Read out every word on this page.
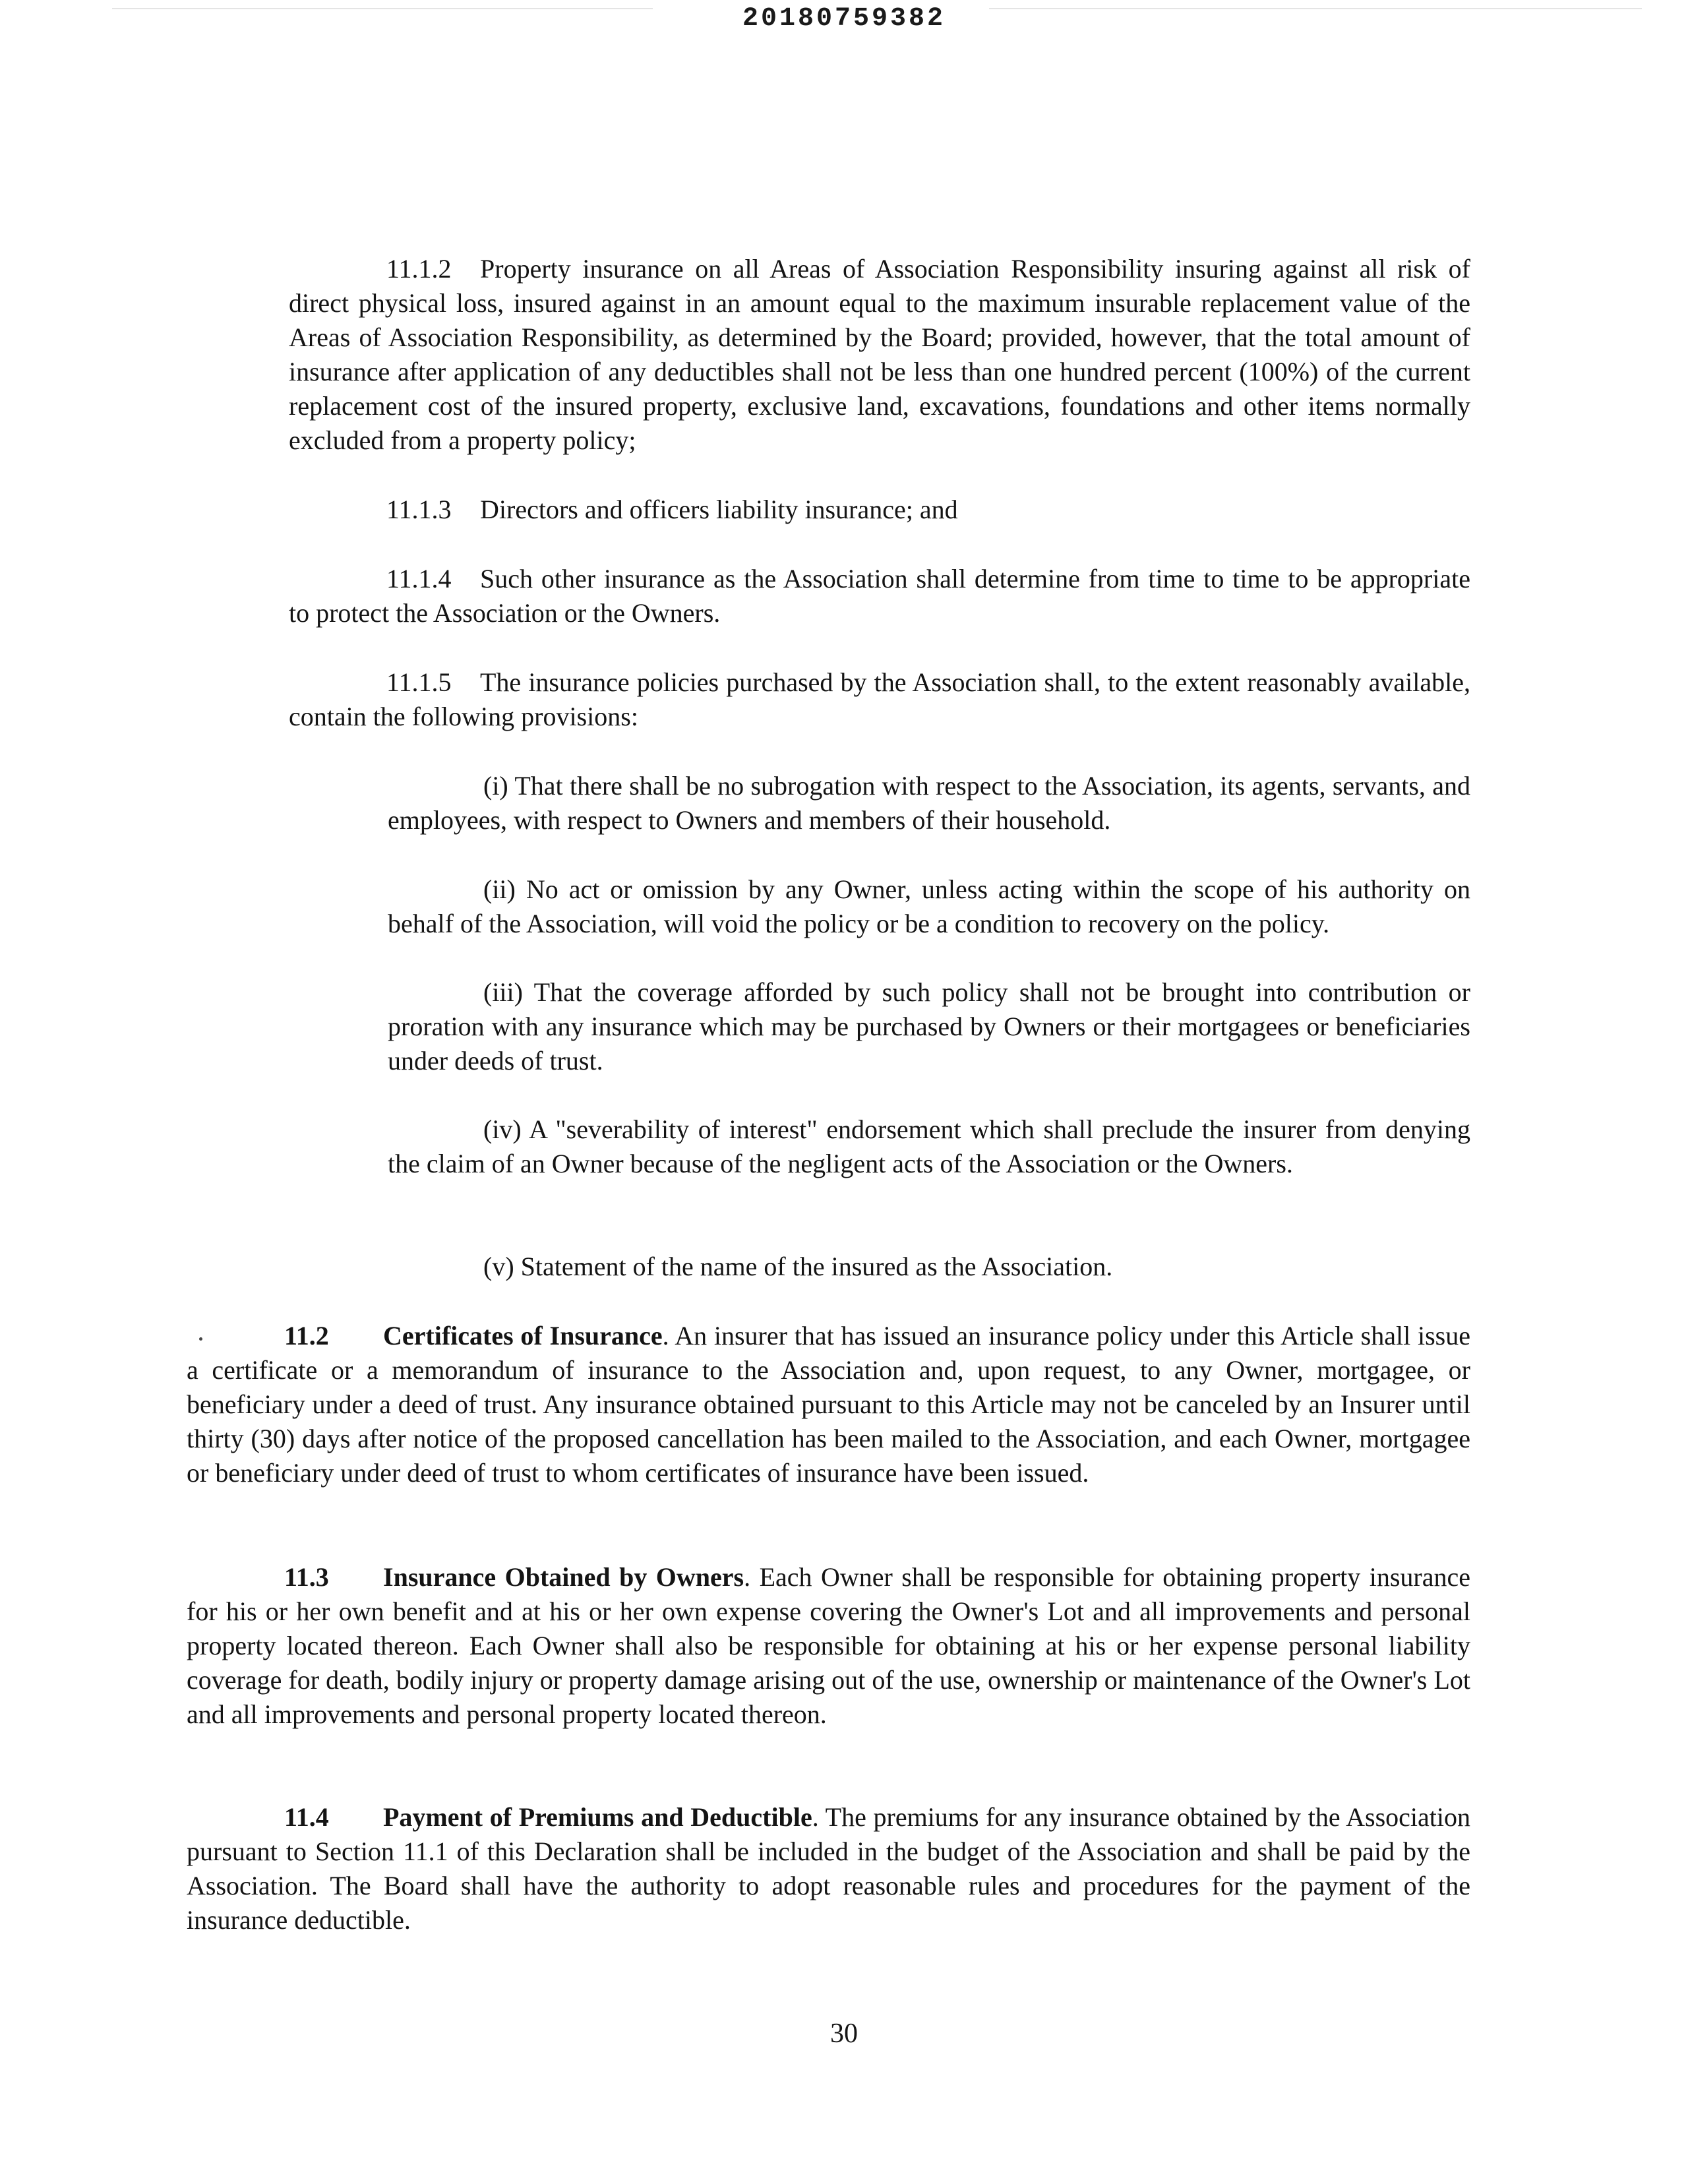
20180759382

11.1.2 Property insurance on all Areas of Association Responsibility insuring against all risk of direct physical loss, insured against in an amount equal to the maximum insurable replacement value of the Areas of Association Responsibility, as determined by the Board; provided, however, that the total amount of insurance after application of any deductibles shall not be less than one hundred percent (100%) of the current replacement cost of the insured property, exclusive land, excavations, foundations and other items normally excluded from a property policy;

11.1.3 Directors and officers liability insurance; and

11.1.4 Such other insurance as the Association shall determine from time to time to be appropriate to protect the Association or the Owners.

11.1.5 The insurance policies purchased by the Association shall, to the extent reasonably available, contain the following provisions:

(i) That there shall be no subrogation with respect to the Association, its agents, servants, and employees, with respect to Owners and members of their household.

(ii) No act or omission by any Owner, unless acting within the scope of his authority on behalf of the Association, will void the policy or be a condition to recovery on the policy.

(iii) That the coverage afforded by such policy shall not be brought into contribution or proration with any insurance which may be purchased by Owners or their mortgagees or beneficiaries under deeds of trust.

(iv) A "severability of interest" endorsement which shall preclude the insurer from denying the claim of an Owner because of the negligent acts of the Association or the Owners.

(v) Statement of the name of the insured as the Association.

11.2 Certificates of Insurance. An insurer that has issued an insurance policy under this Article shall issue a certificate or a memorandum of insurance to the Association and, upon request, to any Owner, mortgagee, or beneficiary under a deed of trust. Any insurance obtained pursuant to this Article may not be canceled by an Insurer until thirty (30) days after notice of the proposed cancellation has been mailed to the Association, and each Owner, mortgagee or beneficiary under deed of trust to whom certificates of insurance have been issued.

11.3 Insurance Obtained by Owners. Each Owner shall be responsible for obtaining property insurance for his or her own benefit and at his or her own expense covering the Owner's Lot and all improvements and personal property located thereon. Each Owner shall also be responsible for obtaining at his or her expense personal liability coverage for death, bodily injury or property damage arising out of the use, ownership or maintenance of the Owner's Lot and all improvements and personal property located thereon.

11.4 Payment of Premiums and Deductible. The premiums for any insurance obtained by the Association pursuant to Section 11.1 of this Declaration shall be included in the budget of the Association and shall be paid by the Association. The Board shall have the authority to adopt reasonable rules and procedures for the payment of the insurance deductible.

30
